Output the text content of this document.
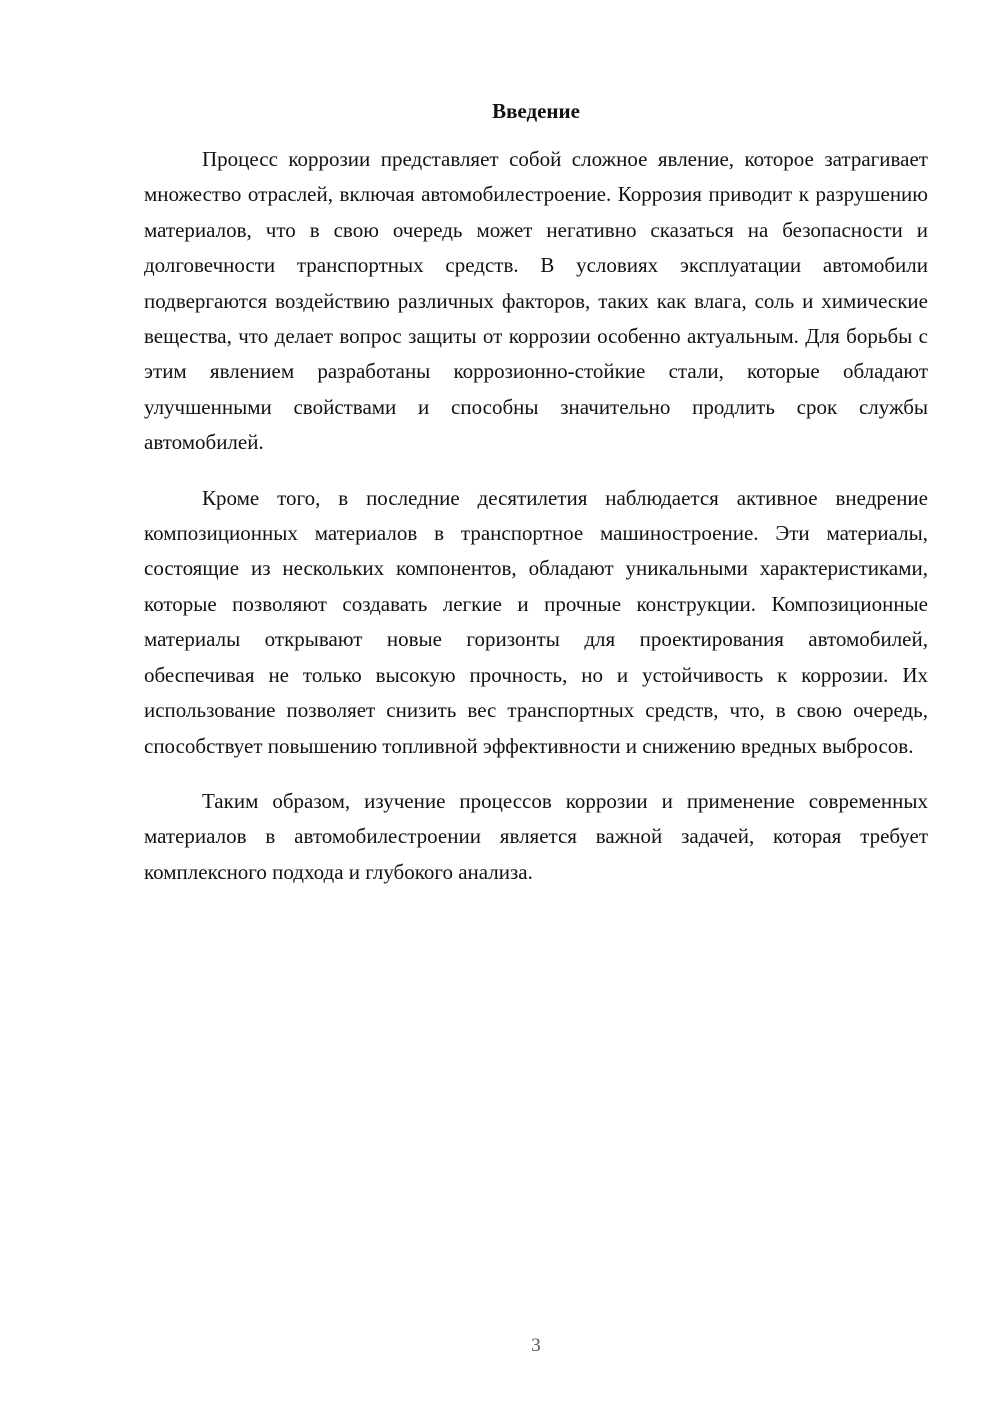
Введение

Процесс коррозии представляет собой сложное явление, которое затрагивает множество отраслей, включая автомобилестроение. Коррозия приводит к разрушению материалов, что в свою очередь может негативно сказаться на безопасности и долговечности транспортных средств. В условиях эксплуатации автомобили подвергаются воздействию различных факторов, таких как влага, соль и химические вещества, что делает вопрос защиты от коррозии особенно актуальным. Для борьбы с этим явлением разработаны коррозионно-стойкие стали, которые обладают улучшенными свойствами и способны значительно продлить срок службы автомобилей.

Кроме того, в последние десятилетия наблюдается активное внедрение композиционных материалов в транспортное машиностроение. Эти материалы, состоящие из нескольких компонентов, обладают уникальными характеристиками, которые позволяют создавать легкие и прочные конструкции. Композиционные материалы открывают новые горизонты для проектирования автомобилей, обеспечивая не только высокую прочность, но и устойчивость к коррозии. Их использование позволяет снизить вес транспортных средств, что, в свою очередь, способствует повышению топливной эффективности и снижению вредных выбросов.

Таким образом, изучение процессов коррозии и применение современных материалов в автомобилестроении является важной задачей, которая требует комплексного подхода и глубокого анализа.

3
